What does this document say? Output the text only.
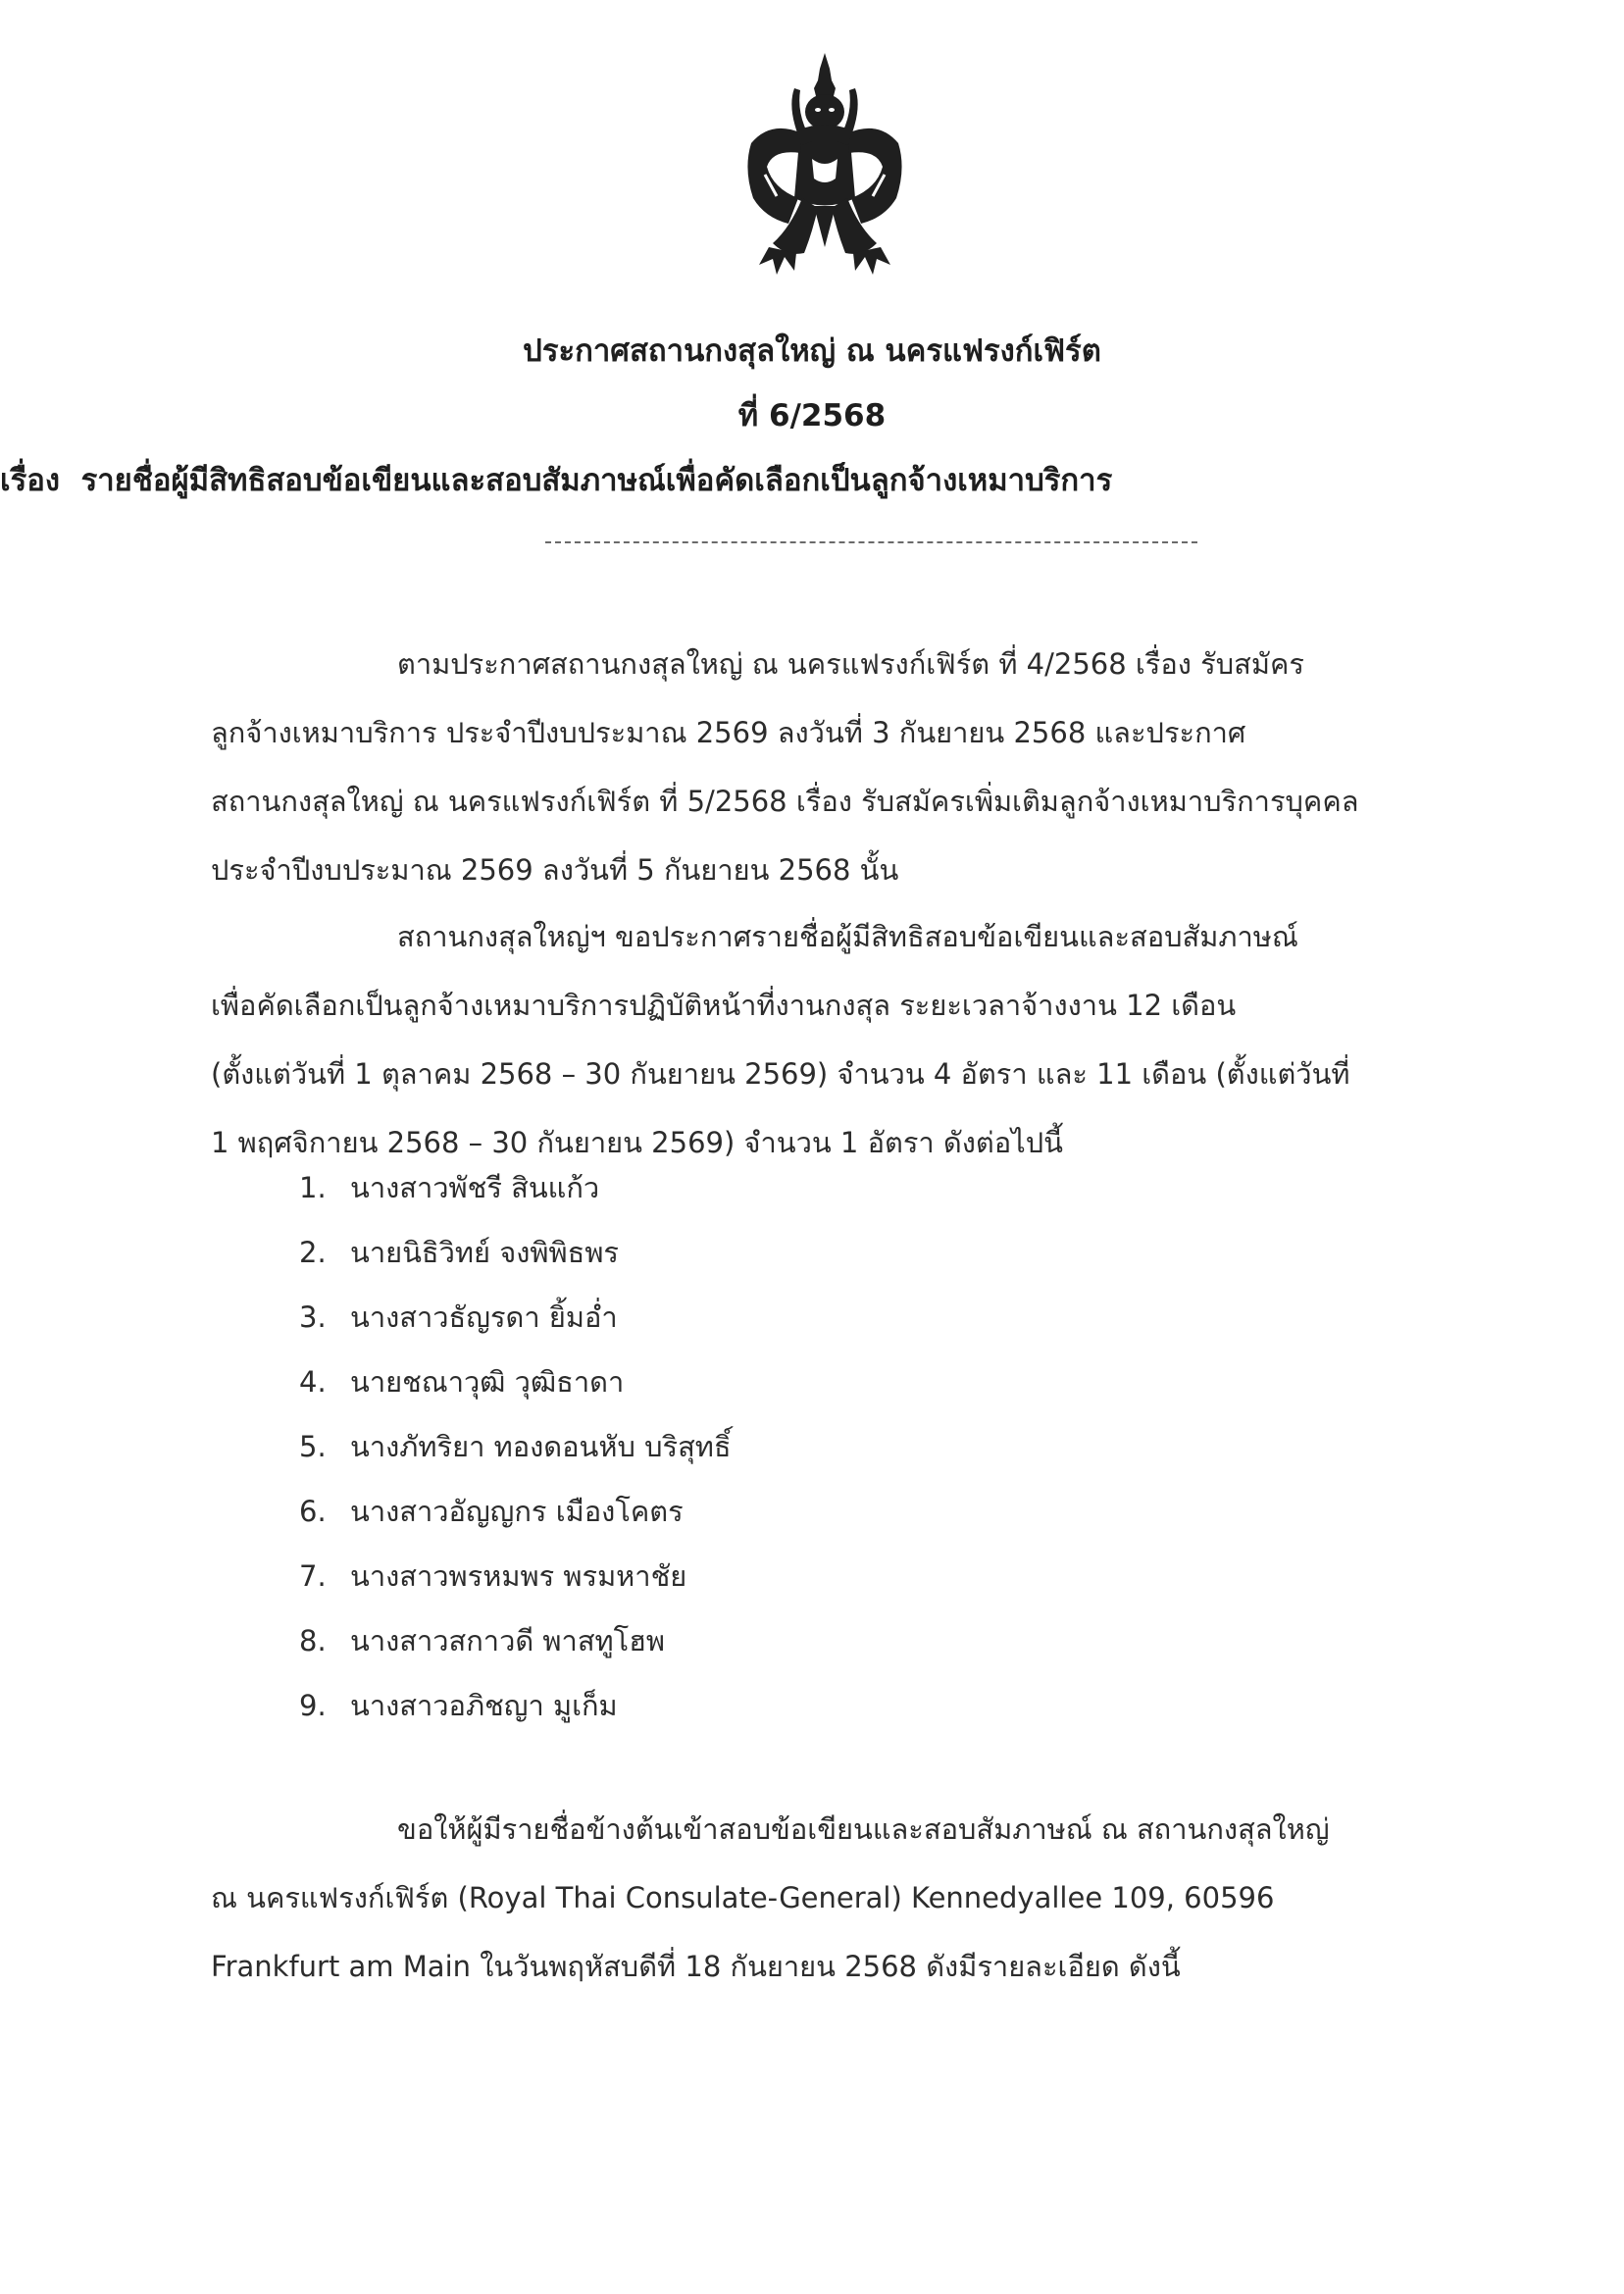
ประกาศสถานกงสุลใหญ่ ณ นครแฟรงก์เฟิร์ต
ที่ 6/2568
เรื่อง รายชื่อผู้มีสิทธิสอบข้อเขียนและสอบสัมภาษณ์เพื่อคัดเลือกเป็นลูกจ้างเหมาบริการ
ตามประกาศสถานกงสุลใหญ่ ณ นครแฟรงก์เฟิร์ต ที่ 4/2568 เรื่อง รับสมัคร
ลูกจ้างเหมาบริการ ประจำปีงบประมาณ 2569 ลงวันที่ 3 กันยายน 2568 และประกาศ
สถานกงสุลใหญ่ ณ นครแฟรงก์เฟิร์ต ที่ 5/2568 เรื่อง รับสมัครเพิ่มเติมลูกจ้างเหมาบริการบุคคล
ประจำปีงบประมาณ 2569 ลงวันที่ 5 กันยายน 2568 นั้น
สถานกงสุลใหญ่ฯ ขอประกาศรายชื่อผู้มีสิทธิสอบข้อเขียนและสอบสัมภาษณ์
เพื่อคัดเลือกเป็นลูกจ้างเหมาบริการปฏิบัติหน้าที่งานกงสุล ระยะเวลาจ้างงาน 12 เดือน
(ตั้งแต่วันที่ 1 ตุลาคม 2568 – 30 กันยายน 2569) จำนวน 4 อัตรา และ 11 เดือน (ตั้งแต่วันที่
1 พฤศจิกายน 2568 – 30 กันยายน 2569) จำนวน 1 อัตรา ดังต่อไปนี้
1. นางสาวพัชรี สินแก้ว
2. นายนิธิวิทย์ จงพิพิธพร
3. นางสาวธัญรดา ยิ้มอ่ำ
4. นายชณาวุฒิ วุฒิธาดา
5. นางภัทริยา ทองดอนหับ บริสุทธิ์
6. นางสาวอัญญกร เมืองโคตร
7. นางสาวพรหมพร พรมหาชัย
8. นางสาวสกาวดี พาสทูโฮพ
9. นางสาวอภิชญา มูเก็ม
ขอให้ผู้มีรายชื่อข้างต้นเข้าสอบข้อเขียนและสอบสัมภาษณ์ ณ สถานกงสุลใหญ่
ณ นครแฟรงก์เฟิร์ต (Royal Thai Consulate-General) Kennedyallee 109, 60596
Frankfurt am Main ในวันพฤหัสบดีที่ 18 กันยายน 2568 ดังมีรายละเอียด ดังนี้
